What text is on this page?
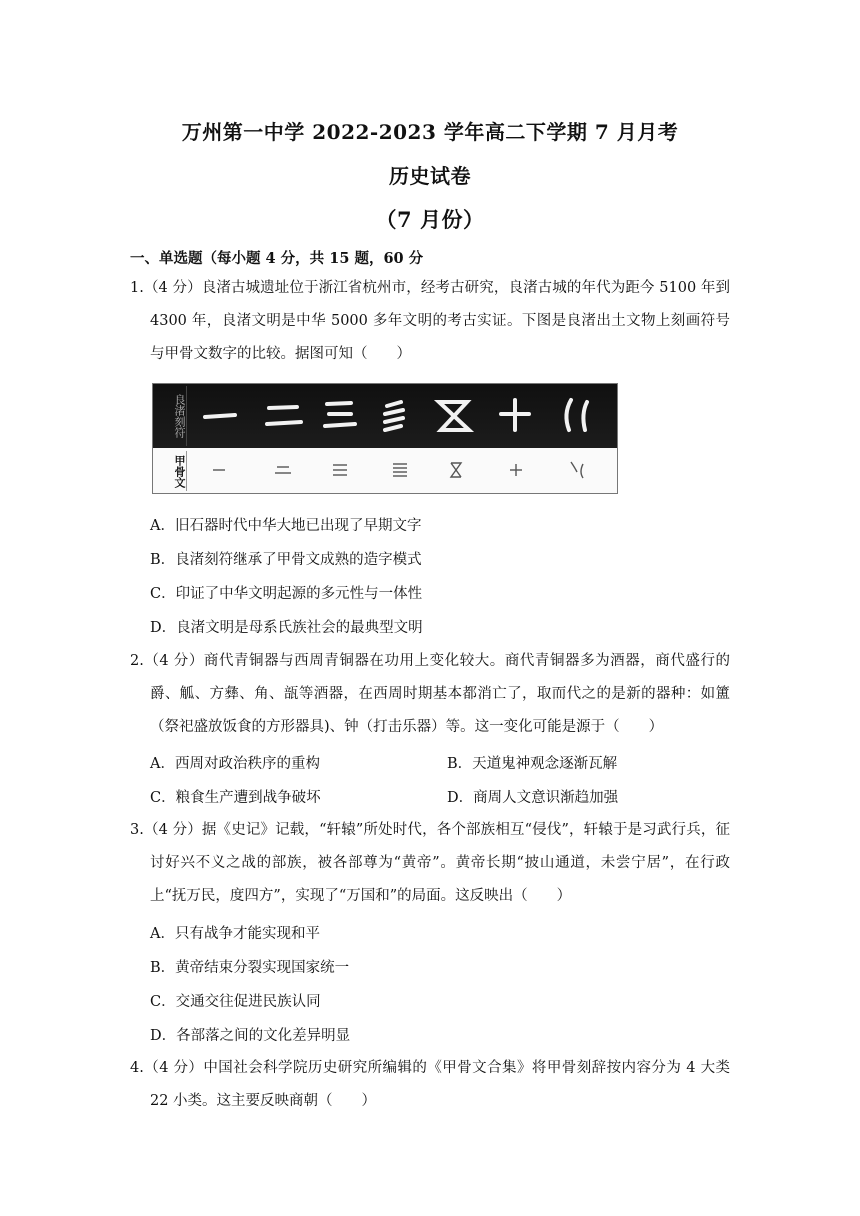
万州第一中学 2022-2023 学年高二下学期 7 月月考
历史试卷
（7 月份）
一、单选题（每小题 4 分，共 15 题，60 分
1.（4 分）良渚古城遗址位于浙江省杭州市，经考古研究，良渚古城的年代为距今 5100 年到 4300 年，良渚文明是中华 5000 多年文明的考古实证。下图是良渚出土文物上刻画符号与甲骨文数字的比较。据图可知（　　）
良渚刻符
甲骨文
A．旧石器时代中华大地已出现了早期文字
B．良渚刻符继承了甲骨文成熟的造字模式
C．印证了中华文明起源的多元性与一体性
D．良渚文明是母系氏族社会的最典型文明
2.（4 分）商代青铜器与西周青铜器在功用上变化较大。商代青铜器多为酒器，商代盛行的爵、觚、方彝、角、瓿等酒器，在西周时期基本都消亡了，取而代之的是新的器种：如簠（祭祀盛放饭食的方形器具)、钟（打击乐器）等。这一变化可能是源于（　　）
A．西周对政治秩序的重构	B．天道鬼神观念逐渐瓦解
C．粮食生产遭到战争破坏	D．商周人文意识渐趋加强
3.（4 分）据《史记》记载，“轩辕”所处时代，各个部族相互“侵伐”，轩辕于是习武行兵，征讨好兴不义之战的部族，被各部尊为“黄帝”。黄帝长期“披山通道，未尝宁居”，在行政上“抚万民，度四方”，实现了“万国和”的局面。这反映出（　　）
A．只有战争才能实现和平
B．黄帝结束分裂实现国家统一
C．交通交往促进民族认同
D．各部落之间的文化差异明显
4.（4 分）中国社会科学院历史研究所编辑的《甲骨文合集》将甲骨刻辞按内容分为 4 大类 22 小类。这主要反映商朝（　　）
